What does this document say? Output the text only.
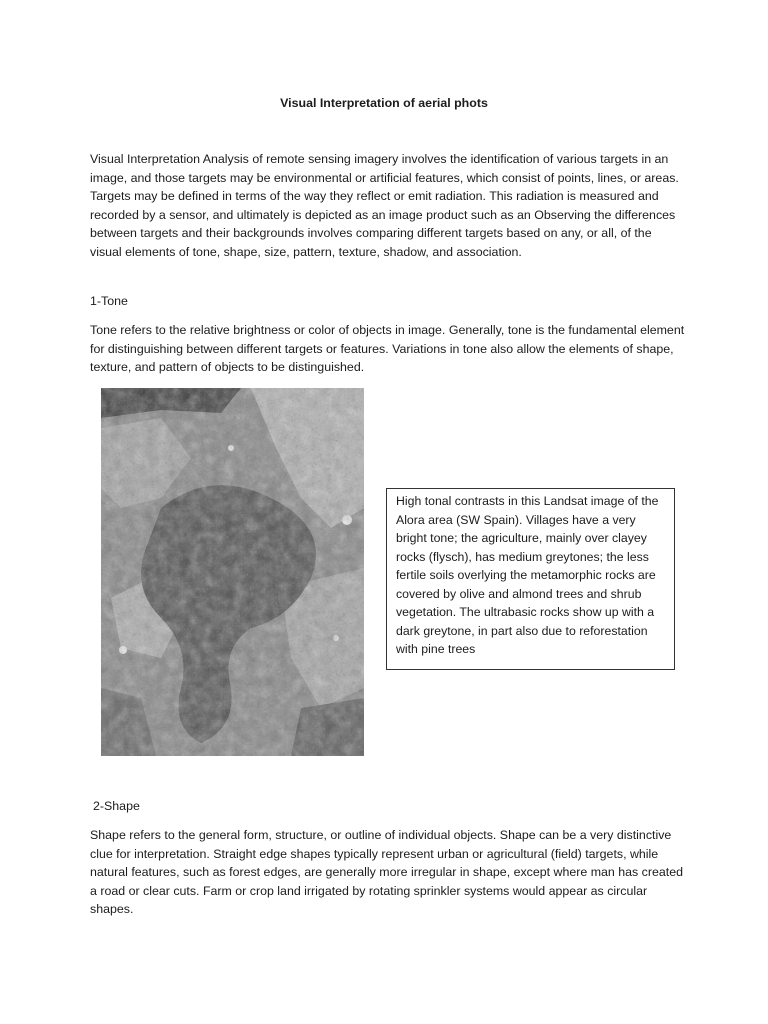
Visual Interpretation of aerial phots

Visual Interpretation Analysis of remote sensing imagery involves the identification of various targets in an image, and those targets may be environmental or artificial features, which consist of points, lines, or areas. Targets may be defined in terms of the way they reflect or emit radiation. This radiation is measured and recorded by a sensor, and ultimately is depicted as an image product such as an Observing the differences between targets and their backgrounds involves comparing different targets based on any, or all, of the visual elements of tone, shape, size, pattern, texture, shadow, and association.

1-Tone

Tone refers to the relative brightness or color of objects in image. Generally, tone is the fundamental element for distinguishing between different targets or features. Variations in tone also allow the elements of shape, texture, and pattern of objects to be distinguished.

High tonal contrasts in this Landsat image of the Alora area (SW Spain). Villages have a very bright tone; the agriculture, mainly over clayey rocks (flysch), has medium greytones; the less fertile soils overlying the metamorphic rocks are covered by olive and almond trees and shrub vegetation. The ultrabasic rocks show up with a dark greytone, in part also due to reforestation with pine trees

2-Shape

Shape refers to the general form, structure, or outline of individual objects. Shape can be a very distinctive clue for interpretation. Straight edge shapes typically represent urban or agricultural (field) targets, while natural features, such as forest edges, are generally more irregular in shape, except where man has created a road or clear cuts. Farm or crop land irrigated by rotating sprinkler systems would appear as circular shapes.
